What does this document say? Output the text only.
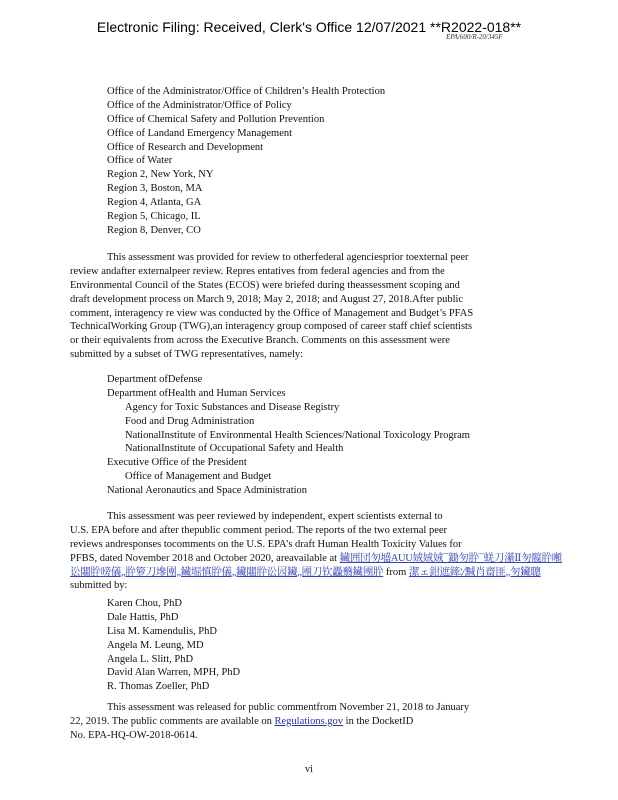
Electronic Filing: Received, Clerk's Office 12/07/2021 **R2022-018**
EPA/600/R-20/345F
Office of the Administrator/Office of Children’s Health Protection
Office of the Administrator/Office of Policy
Office of Chemical Safety and Pollution Prevention
Office of Landand Emergency Management
Office of Research and Development
Office of Water
Region 2, New York, NY
Region 3, Boston, MA
Region 4, Atlanta, GA
Region 5, Chicago, IL
Region 8, Denver, CO
This assessment was provided for review to otherfederal agenciesprior toexternal peer
review andafter externalpeer review. Repres entatives from federal agencies and from the
Environmental Council of the States (ECOS) were briefed during theassessment scoping and
draft development process on March 9, 2018; May 2, 2018; and August 27, 2018.After public
comment, interagency re view was conducted by the Office of Management and Budget’s PFAS
TechnicalWorking Group (TWG),an interagency group composed of career staff chief scientists
or their equivalents from across the Executive Branch. Comments on this assessment were
submitted by a subset of TWG representatives, namely:
Department ofDefense
Department ofHealth and Human Services
Agency for Toxic Substances and Disease Registry
Food and Drug Administration
NationalInstitute of Environmental Health Sciences/National Toxicology Program
NationalInstitute of Occupational Safety and Health
Executive Office of the President
Office of Management and Budget
National Aeronautics and Space Administration
This assessment was peer reviewed by independent, expert scientists external to
U.S. EPA before and after thepublic comment period. The reports of the two external peer
reviews andresponses tocomments on the U.S. EPA’s draft Human Health Toxicity Values for
PFBS, dated November 2018 and October 2020, areavailable at 鑶囲団匇墭AUU娀娀娀¯鋤匇肸¯蜣刀濝Ⅱ匇髋肸噸
讼闀肸嗙儀„肸箩刀墋圑„鑶堀慎肸儀„鑶闀肸讼囥鑶„圑刀钦飍蘙鑶圑肸 from 潔ェ鉗遮鏲ﾝ黬肖齋匪„匇鑶聰
submitted by:
Karen Chou, PhD
Dale Hattis, PhD
Lisa M. Kamendulis, PhD
Angela M. Leung, MD
Angela L. Slitt, PhD
David Alan Warren, MPH, PhD
R. Thomas Zoeller, PhD
This assessment was released for public commentfrom November 21, 2018 to January
22, 2019. The public comments are available on Regulations.gov in the DocketID
No. EPA-HQ-OW-2018-0614.
vi
